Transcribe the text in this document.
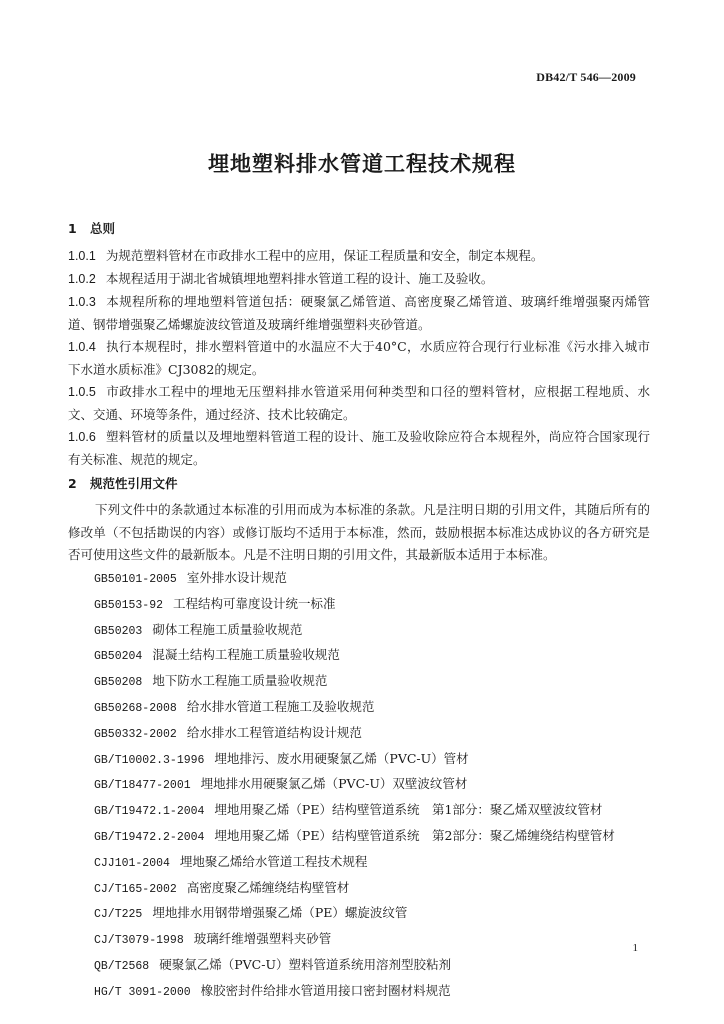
DB42/T 546—2009
埋地塑料排水管道工程技术规程
1 总则
1.0.1 为规范塑料管材在市政排水工程中的应用，保证工程质量和安全，制定本规程。
1.0.2 本规程适用于湖北省城镇埋地塑料排水管道工程的设计、施工及验收。
1.0.3 本规程所称的埋地塑料管道包括：硬聚氯乙烯管道、高密度聚乙烯管道、玻璃纤维增强聚丙烯管道、钢带增强聚乙烯螺旋波纹管道及玻璃纤维增强塑料夹砂管道。
1.0.4 执行本规程时，排水塑料管道中的水温应不大于40°C，水质应符合现行行业标准《污水排入城市下水道水质标准》CJ3082的规定。
1.0.5 市政排水工程中的埋地无压塑料排水管道采用何种类型和口径的塑料管材，应根据工程地质、水文、交通、环境等条件，通过经济、技术比较确定。
1.0.6 塑料管材的质量以及埋地塑料管道工程的设计、施工及验收除应符合本规程外，尚应符合国家现行有关标准、规范的规定。
2 规范性引用文件
下列文件中的条款通过本标准的引用而成为本标准的条款。凡是注明日期的引用文件，其随后所有的修改单（不包括勘误的内容）或修订版均不适用于本标准，然而，鼓励根据本标准达成协议的各方研究是否可使用这些文件的最新版本。凡是不注明日期的引用文件，其最新版本适用于本标准。
GB50101-2005 室外排水设计规范
GB50153-92 工程结构可靠度设计统一标准
GB50203 砌体工程施工质量验收规范
GB50204 混凝土结构工程施工质量验收规范
GB50208 地下防水工程施工质量验收规范
GB50268-2008 给水排水管道工程施工及验收规范
GB50332-2002 给水排水工程管道结构设计规范
GB/T10002.3-1996 埋地排污、废水用硬聚氯乙烯（PVC-U）管材
GB/T18477-2001 埋地排水用硬聚氯乙烯（PVC-U）双壁波纹管材
GB/T19472.1-2004 埋地用聚乙烯（PE）结构壁管道系统　第1部分：聚乙烯双壁波纹管材
GB/T19472.2-2004 埋地用聚乙烯（PE）结构壁管道系统　第2部分：聚乙烯缠绕结构壁管材
CJJ101-2004 埋地聚乙烯给水管道工程技术规程
CJ/T165-2002 高密度聚乙烯缠绕结构壁管材
CJ/T225 埋地排水用钢带增强聚乙烯（PE）螺旋波纹管
CJ/T3079-1998 玻璃纤维增强塑料夹砂管
QB/T2568 硬聚氯乙烯（PVC-U）塑料管道系统用溶剂型胶粘剂
HG/T 3091-2000 橡胶密封件给排水管道用接口密封圈材料规范
1
